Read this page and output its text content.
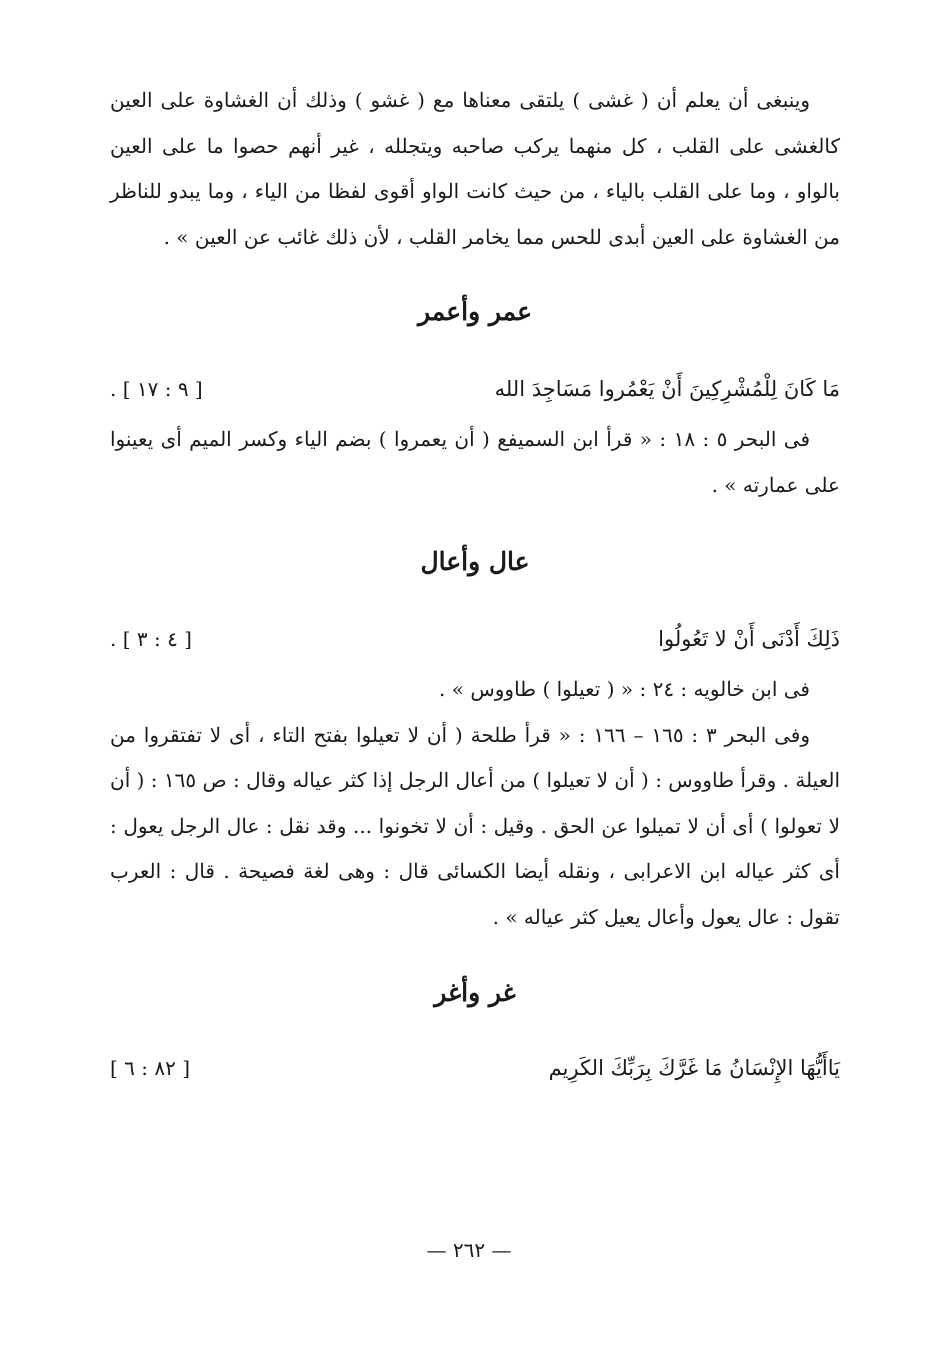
وينبغى أن يعلم أن ( غشى ) يلتقى معناها مع ( غشو ) وذلك أن الغشاوة على العين كالغشى على القلب ، كل منهما يركب صاحبه ويتجلله ، غير أنهم حصوا ما على العين بالواو ، وما على القلب بالياء ، من حيث كانت الواو أقوى لفظا من الياء ، وما يبدو للناظر من الغشاوة على العين أبدى للحس مما يخامر القلب ، لأن ذلك غائب عن العين » .

عمر وأعمر
مَا كَانَ لِلْمُشْرِكِينَ أَنْ يَعْمُروا مَسَاجِدَ الله
[ ٩ : ١٧ ] .

فى البحر ٥ : ١٨ : « قرأ ابن السميفع ( أن يعمروا ) بضم الياء وكسر الميم أى يعينوا على عمارته » .

عال وأعال
ذَلِكَ أَدْنَى أَنْ لا تَعُولُوا
[ ٤ : ٣ ] .

فى ابن خالويه : ٢٤ : « ( تعيلوا ) طاووس » .

وفى البحر ٣ : ١٦٥ – ١٦٦ : « قرأ طلحة ( أن لا تعيلوا بفتح التاء ، أى لا تفتقروا من العيلة . وقرأ طاووس : ( أن لا تعيلوا ) من أعال الرجل إذا كثر عياله وقال : ص ١٦٥ : ( أن لا تعولوا ) أى أن لا تميلوا عن الحق . وقيل : أن لا تخونوا ... وقد نقل : عال الرجل يعول : أى كثر عياله ابن الاعرابى ، ونقله أيضا الكسائى قال : وهى لغة فصيحة . قال : العرب تقول : عال يعول وأعال يعيل كثر عياله » .

غر وأغر
يَاأَيُّهَا الإِنْسَانُ مَا غَرَّكَ بِرَبِّكَ الكَرِيم
[ ٨٢ : ٦ ]
— ٢٦٢ —
